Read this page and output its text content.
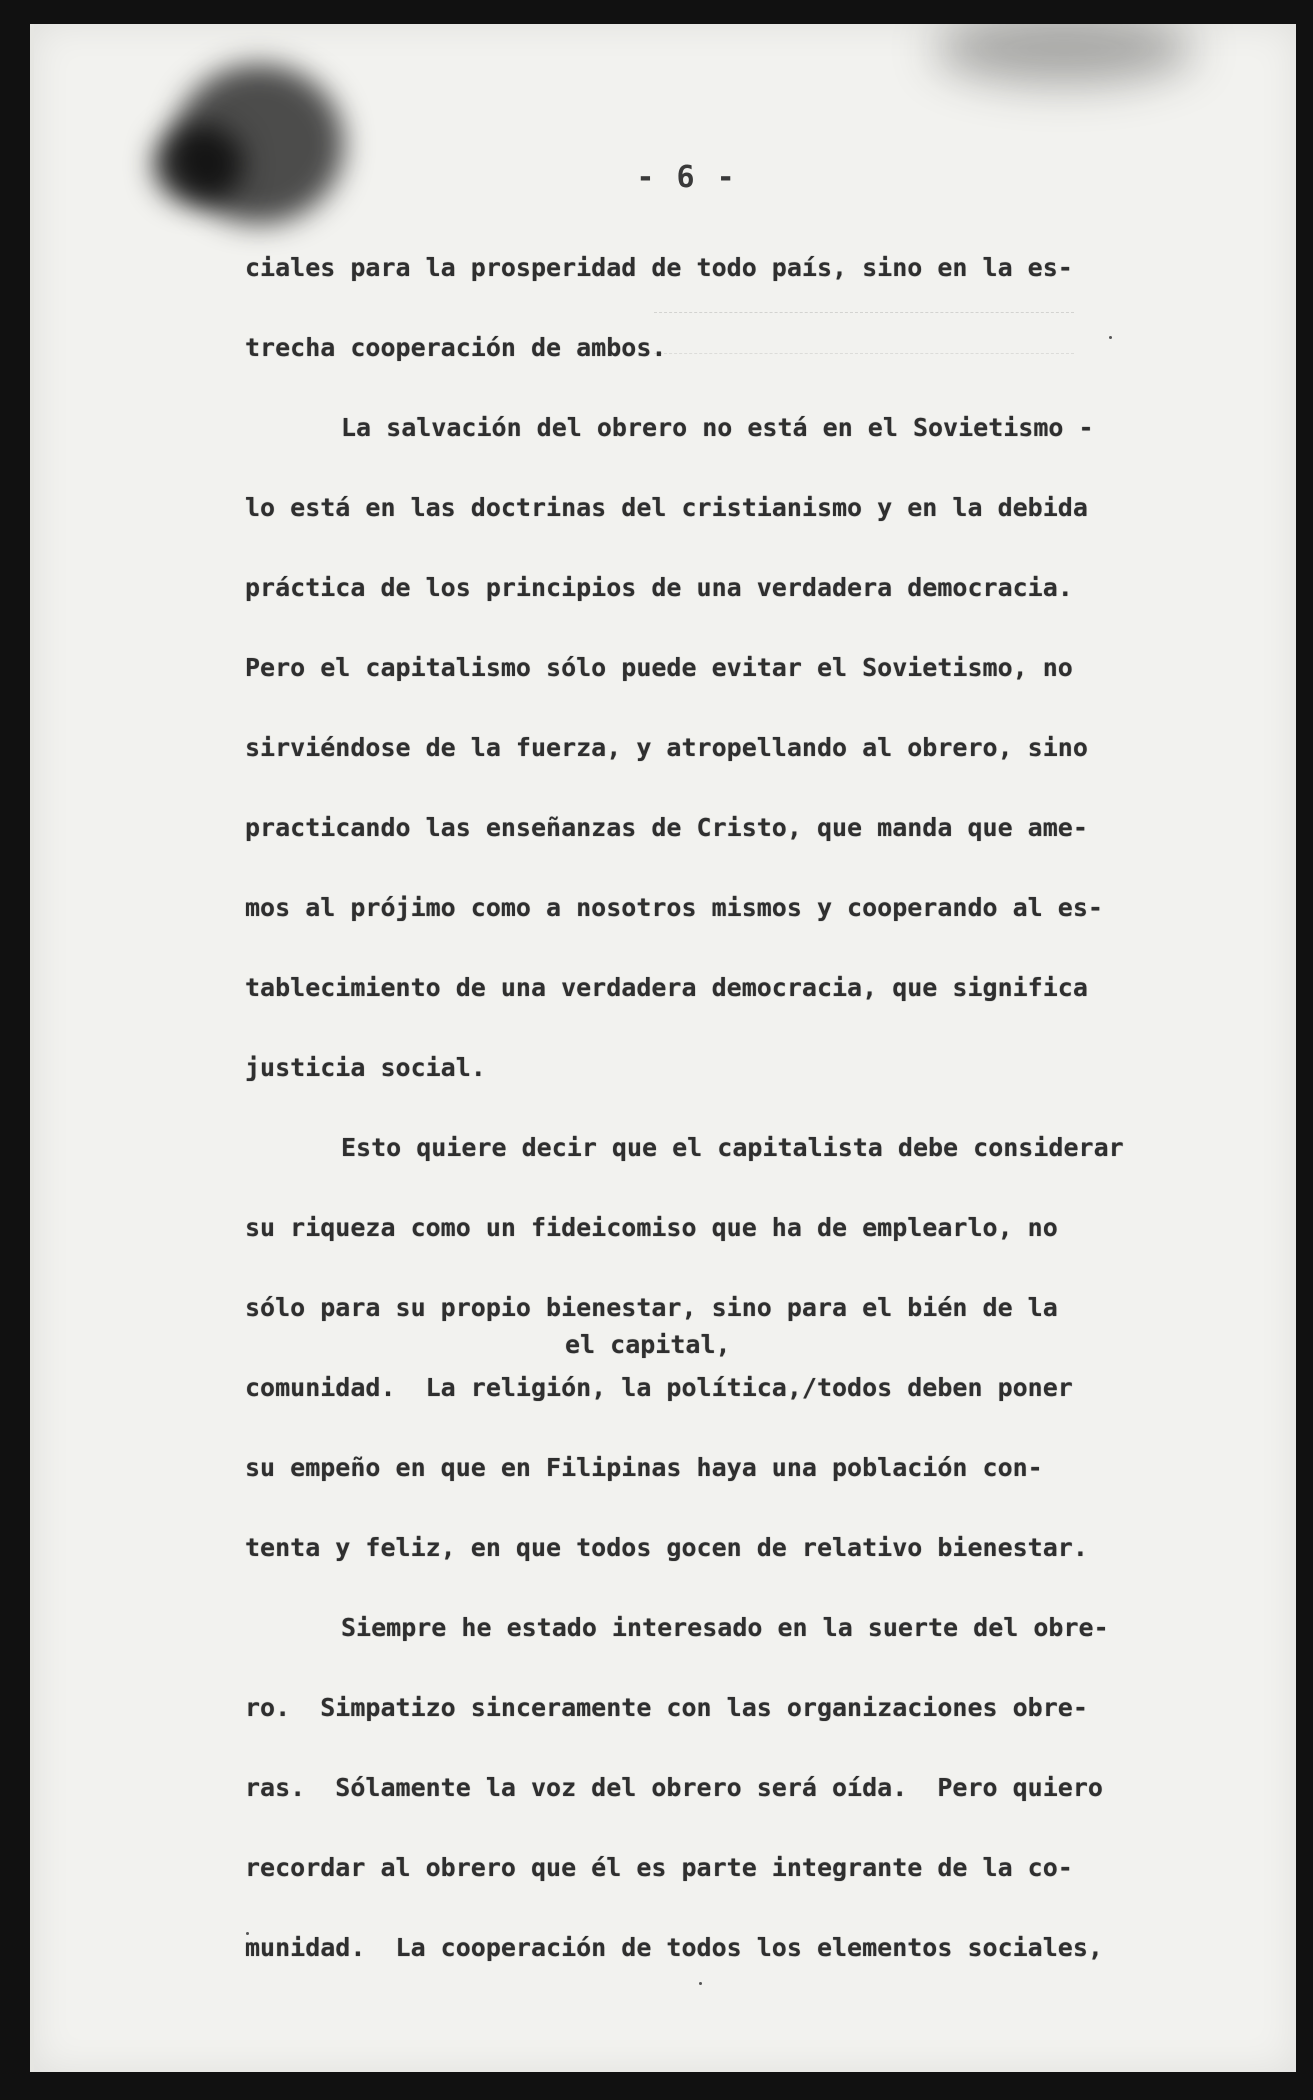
- 6 -
el capital,
ciales para la prosperidad de todo país, sino en la es-
trecha cooperación de ambos.
La salvación del obrero no está en el Sovietismo -
lo está en las doctrinas del cristianismo y en la debida
práctica de los principios de una verdadera democracia.
Pero el capitalismo sólo puede evitar el Sovietismo, no
sirviéndose de la fuerza, y atropellando al obrero, sino
practicando las enseñanzas de Cristo, que manda que ame-
mos al prójimo como a nosotros mismos y cooperando al es-
tablecimiento de una verdadera democracia, que significa
justicia social.
Esto quiere decir que el capitalista debe considerar
su riqueza como un fideicomiso que ha de emplearlo, no
sólo para su propio bienestar, sino para el bién de la
comunidad.  La religión, la política,/todos deben poner
su empeño en que en Filipinas haya una población con-
tenta y feliz, en que todos gocen de relativo bienestar.
Siempre he estado interesado en la suerte del obre-
ro.  Simpatizo sinceramente con las organizaciones obre-
ras.  Sólamente la voz del obrero será oída.  Pero quiero
recordar al obrero que él es parte integrante de la co-
munidad.  La cooperación de todos los elementos sociales,
